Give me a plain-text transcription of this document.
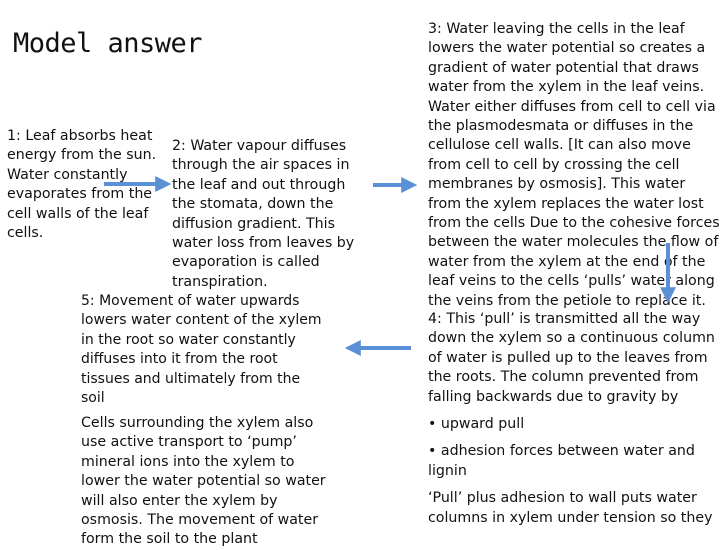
Model answer

1: Leaf absorbs heat energy from the sun. Water constantly evaporates from the cell walls of the leaf cells.

2: Water vapour diffuses through the air spaces in the leaf and out through the stomata, down the diffusion gradient. This water loss from leaves by evaporation is called transpiration.

5: Movement of water upwards lowers water content of the xylem in the root so water constantly diffuses into it from the root tissues and ultimately from the soil

Cells surrounding the xylem also use active transport to ‘pump’ mineral ions into the xylem to lower the water potential so water will also enter the xylem by osmosis. The movement of water form the soil to the plant

3: Water leaving the cells in the leaf lowers the water potential so creates a gradient of water potential that draws water from the xylem in the leaf veins. Water either diffuses from cell to cell via the plasmodesmata or diffuses in the cellulose cell walls. [It can also move from cell to cell by crossing the cell membranes by osmosis]. This water from the xylem replaces the water lost from the cells Due to the cohesive forces between the water molecules the flow of water from the xylem at the end of the leaf veins to the cells ‘pulls’ water along the veins from the petiole to replace it.

4: This ‘pull’ is transmitted all the way down the xylem so a continuous column of water is pulled up to the leaves from the roots. The column prevented from falling backwards due to gravity by

• upward pull

• adhesion forces between water and lignin

‘Pull’ plus adhesion to wall puts water columns in xylem under tension so they
